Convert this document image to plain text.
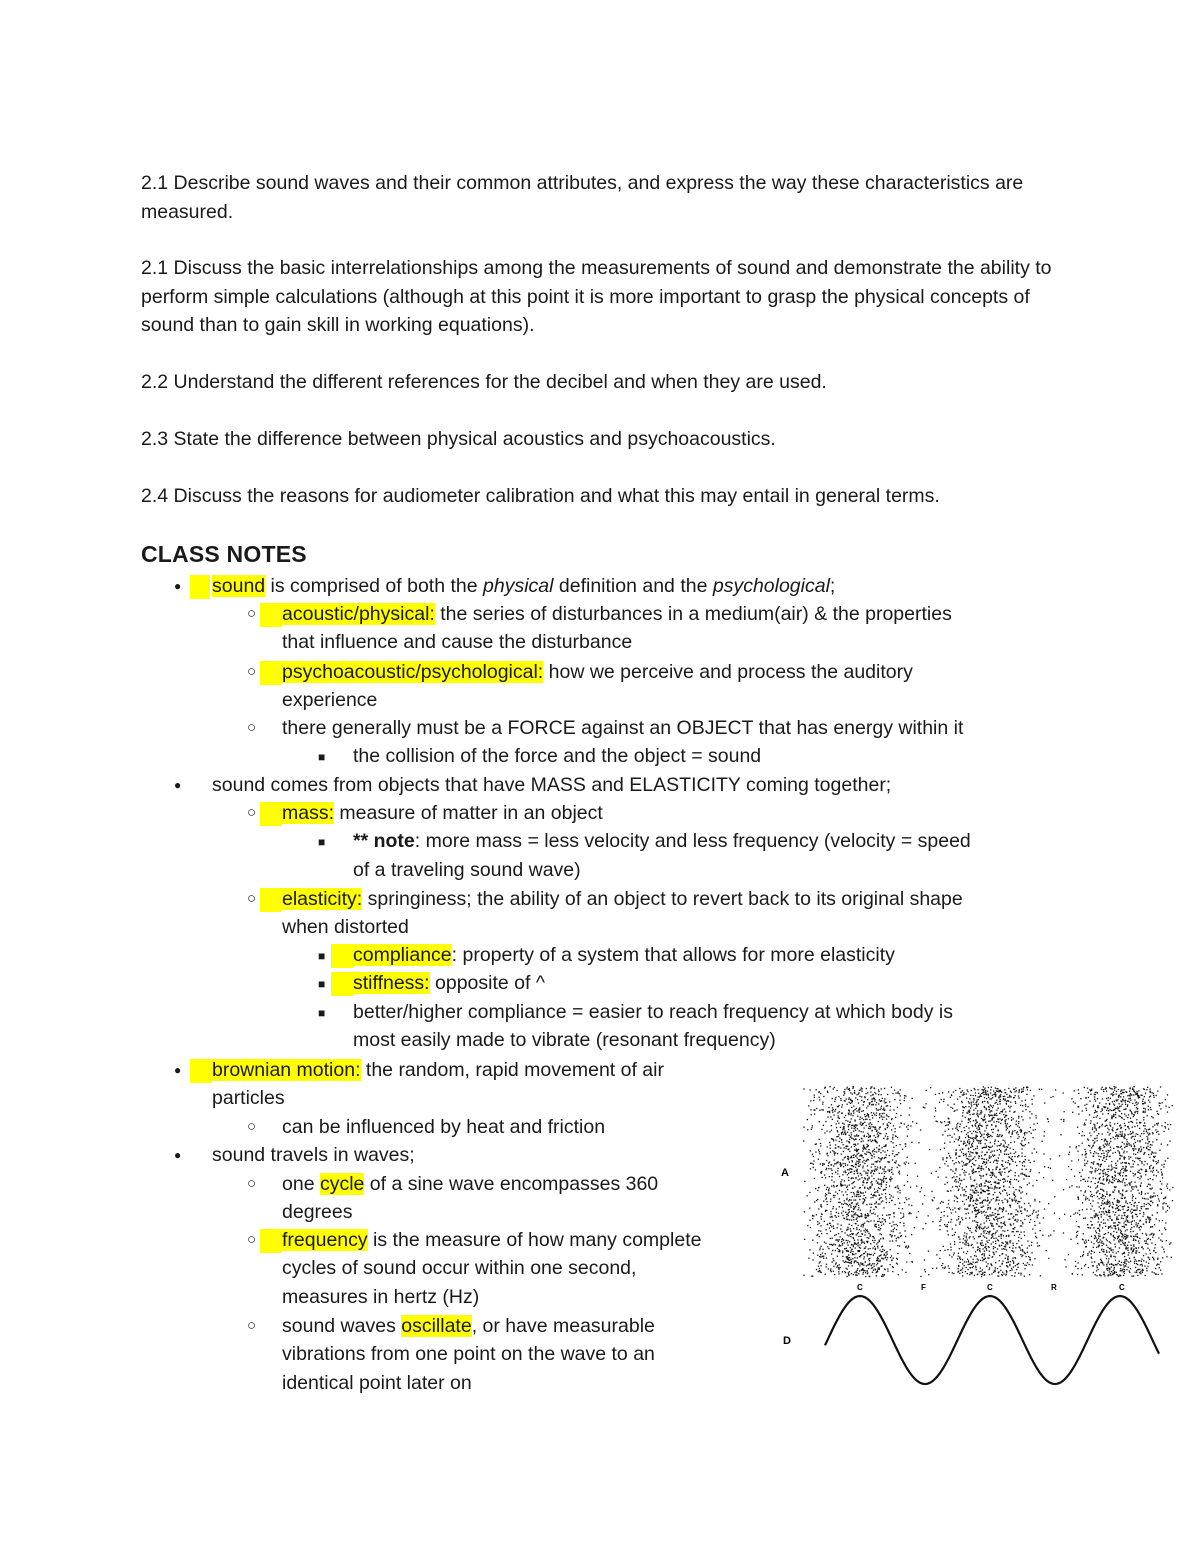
2.1 Describe sound waves and their common attributes, and express the way these characteristics are measured.

2.1 Discuss the basic interrelationships among the measurements of sound and demonstrate the ability to perform simple calculations (although at this point it is more important to grasp the physical concepts of sound than to gain skill in working equations).

2.2 Understand the different references for the decibel and when they are used.

2.3 State the difference between physical acoustics and psychoacoustics.

2.4 Discuss the reasons for audiometer calibration and what this may entail in general terms.

CLASS NOTES
● sound is comprised of both the physical definition and the psychological;

○ acoustic/physical: the series of disturbances in a medium(air) & the properties

that influence and cause the disturbance

○ psychoacoustic/psychological: how we perceive and process the auditory

experience

○ there generally must be a FORCE against an OBJECT that has energy within it

■ the collision of the force and the object = sound

● sound comes from objects that have MASS and ELASTICITY coming together;

○ mass: measure of matter in an object

■ ** note: more mass = less velocity and less frequency (velocity = speed

of a traveling sound wave)

○ elasticity: springiness; the ability of an object to revert back to its original shape

when distorted

■ compliance: property of a system that allows for more elasticity

■ stiffness: opposite of ^

■ better/higher compliance = easier to reach frequency at which body is

most easily made to vibrate (resonant frequency)

● brownian motion: the random, rapid movement of air

particles

○ can be influenced by heat and friction

● sound travels in waves;

○ one cycle of a sine wave encompasses 360

degrees

○ frequency is the measure of how many complete

cycles of sound occur within one second,

measures in hertz (Hz)

○ sound waves oscillate, or have measurable

vibrations from one point on the wave to an

identical point later on

A
D
C	F	C	R	C
